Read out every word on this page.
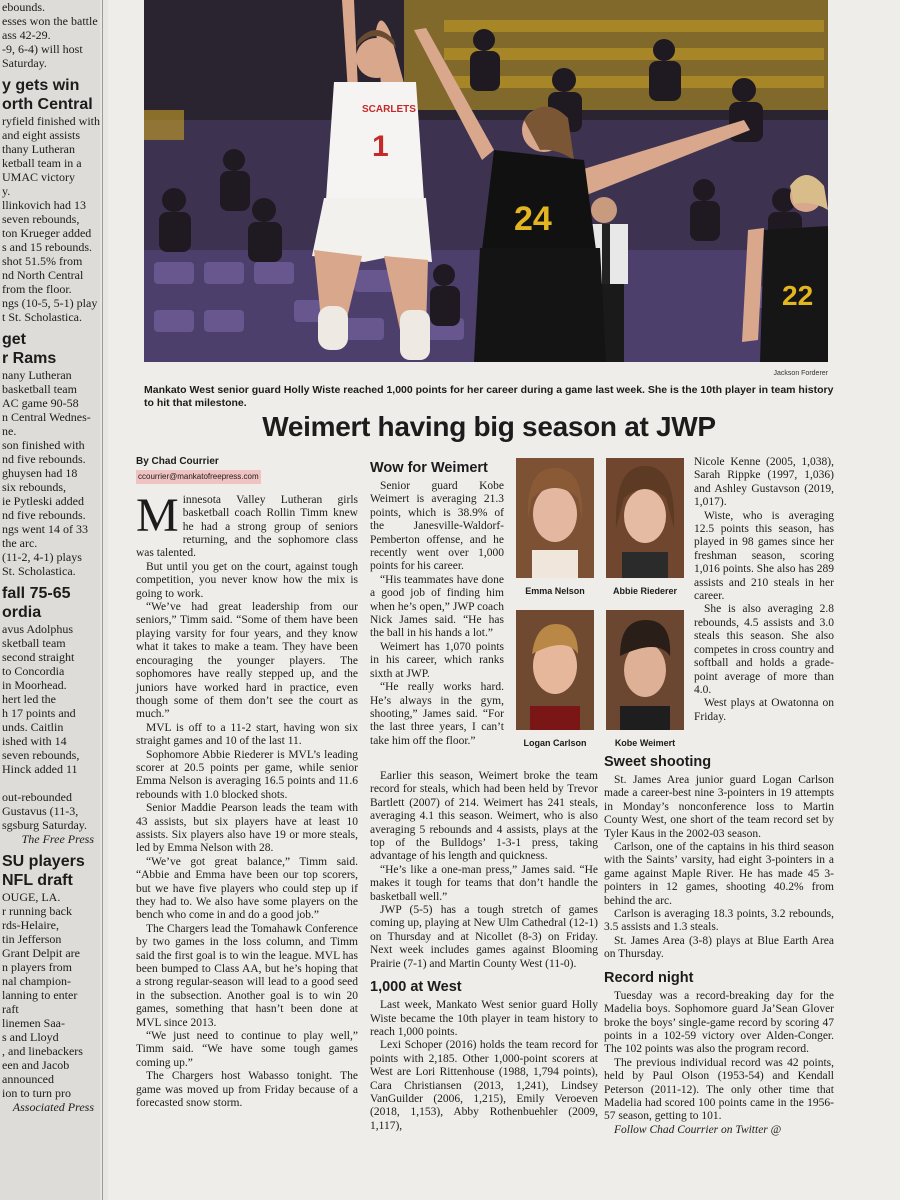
ebounds.
esses won the battle
ass 42-29.
-9, 6-4) will host
Saturday.
y gets win
orth Central
ryfield finished with
and eight assists
thany Lutheran
ketball team in a
UMAC victory
y.
llinkovich had 13
seven rebounds,
ton Krueger added
s and 15 rebounds.
shot 51.5% from
nd North Central
from the floor.
ngs (10-5, 5-1) play
t St. Scholastica.
get
r Rams
nany Lutheran
basketball team
AC game 90-58
n Central Wednes-
ne.
son finished with
nd five rebounds.
ghuysen had 18
six rebounds,
ie Pytleski added
nd five rebounds.
ngs went 14 of 33
the arc.
(11-2, 4-1) plays
St. Scholastica.
fall 75-65
ordia
avus Adolphus
sketball team
second straight
to Concordia
in Moorhead.
hert led the
h 17 points and
unds. Caitlin
ished with 14
seven rebounds,
Hinck added 11

out-rebounded
Gustavus (11-3,
sgsburg Saturday.
The Free Press
SU players
NFL draft
OUGE, LA.
r running back
rds-Helaire,
tin Jefferson
Grant Delpit are
n players from
nal champion-
lanning to enter
raft
linemen Saa-
s and Lloyd
, and linebackers
een and Jacob
announced
ion to turn pro
Associated Press
SCARLETS
1
24
22
Jackson Forderer
Mankato West senior guard Holly Wiste reached 1,000 points for her career during a game last week. She is the 10th player in team history to hit that milestone.
Weimert having big season at JWP
By Chad Courrier
ccourrier@mankatofreepress.com
M innesota Valley Lutheran girls basketball coach Rollin Timm knew he had a strong group of seniors returning, and the sophomore class was talented.

But until you get on the court, against tough competition, you never know how the mix is going to work.

“We’ve had great leadership from our seniors,” Timm said. “Some of them have been playing varsity for four years, and they know what it takes to make a team. They have been encouraging the younger players. The sophomores have really stepped up, and the juniors have worked hard in practice, even though some of them don’t see the court as much.”

MVL is off to a 11-2 start, having won six straight games and 10 of the last 11.

Sophomore Abbie Riederer is MVL’s leading scorer at 20.5 points per game, while senior Emma Nelson is averaging 16.5 points and 11.6 rebounds with 1.0 blocked shots.

Senior Maddie Pearson leads the team with 43 assists, but six players have at least 10 assists. Six players also have 19 or more steals, led by Emma Nelson with 28.

“We’ve got great balance,” Timm said. “Abbie and Emma have been our top scorers, but we have five players who could step up if they had to. We also have some players on the bench who come in and do a good job.”

The Chargers lead the Tomahawk Conference by two games in the loss column, and Timm said the first goal is to win the league. MVL has been bumped to Class AA, but he’s hoping that a strong regular-season will lead to a good seed in the subsection. Another goal is to win 20 games, something that hasn’t been done at MVL since 2013.

“We just need to continue to play well,” Timm said. “We have some tough games coming up.”

The Chargers host Wabasso tonight. The game was moved up from Friday because of a forecasted snow storm.

Wow for Weimert

Senior guard Kobe Weimert is averaging 21.3 points, which is 38.9% of the Janesville-Waldorf-Pemberton offense, and he recently went over 1,000 points for his career.

“His teammates have done a good job of finding him when he’s open,” JWP coach Nick James said. “He has the ball in his hands a lot.”

Weimert has 1,070 points in his career, which ranks sixth at JWP.

“He really works hard. He’s always in the gym, shooting,” James said. “For the last three years, I can’t take him off the floor.”

Earlier this season, Weimert broke the team record for steals, which had been held by Trevor Bartlett (2007) of 214. Weimert has 241 steals, averaging 4.1 this season. Weimert, who is also averaging 5 rebounds and 4 assists, plays at the top of the Bulldogs’ 1-3-1 press, taking advantage of his length and quickness.

“He’s like a one-man press,” James said. “He makes it tough for teams that don’t handle the basketball well.”

JWP (5-5) has a tough stretch of games coming up, playing at New Ulm Cathedral (12-1) on Thursday and at Nicollet (8-3) on Friday. Next week includes games against Blooming Prairie (7-1) and Martin County West (11-0).

1,000 at West

Last week, Mankato West senior guard Holly Wiste became the 10th player in team history to reach 1,000 points.

Lexi Schoper (2016) holds the team record for points with 2,185. Other 1,000-point scorers at West are Lori Rittenhouse (1988, 1,794 points), Cara Christiansen (2013, 1,241), Lindsey VanGuilder (2006, 1,215), Emily Veroeven (2018, 1,153), Abby Rothenbuehler (2009, 1,117),

Emma Nelson	Abbie Riederer
Logan Carlson	Kobe Weimert

Nicole Kenne (2005, 1,038), Sarah Rippke (1997, 1,036) and Ashley Gustavson (2019, 1,017).

Wiste, who is averaging 12.5 points this season, has played in 98 games since her freshman season, scoring 1,016 points. She also has 289 assists and 210 steals in her career.

She is also averaging 2.8 rebounds, 4.5 assists and 3.0 steals this season. She also competes in cross country and softball and holds a grade-point average of more than 4.0.

West plays at Owatonna on Friday.

Sweet shooting

St. James Area junior guard Logan Carlson made a career-best nine 3-pointers in 19 attempts in Monday’s nonconference loss to Martin County West, one short of the team record set by Tyler Kaus in the 2002-03 season.

Carlson, one of the captains in his third season with the Saints’ varsity, had eight 3-pointers in a game against Maple River. He has made 45 3-pointers in 12 games, shooting 40.2% from behind the arc.

Carlson is averaging 18.3 points, 3.2 rebounds, 3.5 assists and 1.3 steals.

St. James Area (3-8) plays at Blue Earth Area on Thursday.

Record night

Tuesday was a record-breaking day for the Madelia boys. Sophomore guard Ja’Sean Glover broke the boys’ single-game record by scoring 47 points in a 102-59 victory over Alden-Conger. The 102 points was also the program record.

The previous individual record was 42 points, held by Paul Olson (1953-54) and Kendall Peterson (2011-12). The only other time that Madelia had scored 100 points came in the 1956-57 season, getting to 101.

Follow Chad Courrier on Twitter @
